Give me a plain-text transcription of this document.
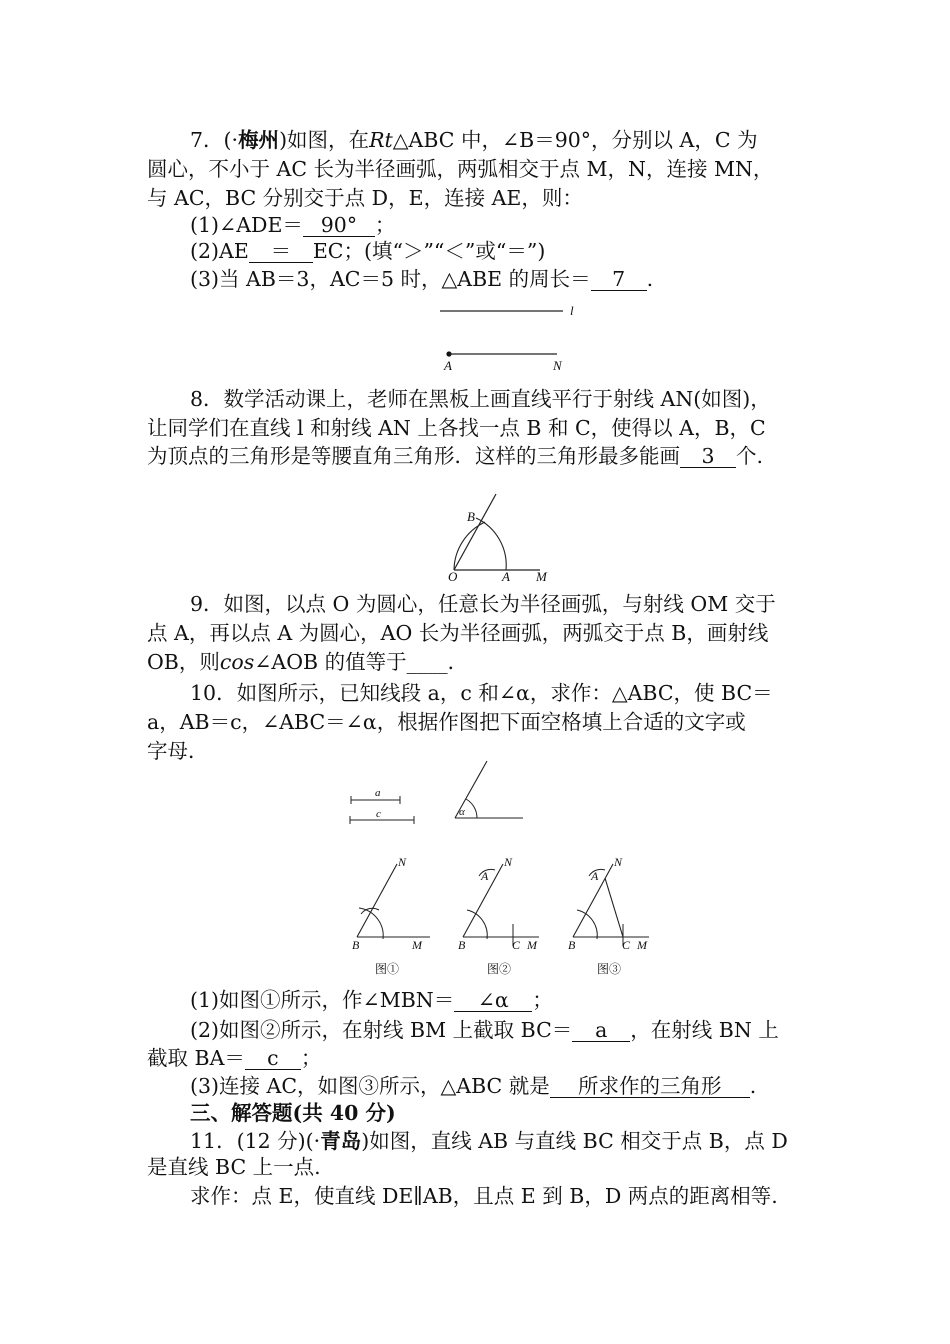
7．(·梅州)如图，在Rt△ABC 中，∠B＝90°，分别以 A，C 为
圆心，不小于 AC 长为半径画弧，两弧相交于点 M，N，连接 MN，
与 AC，BC 分别交于点 D，E，连接 AE，则：
(1)∠ADE＝ 90° ；
(2)AE ＝ EC；(填“＞”“＜”或“＝”)
(3)当 AB＝3，AC＝5 时，△ABE 的周长＝ 7 .
l
A	N
8．数学活动课上，老师在黑板上画直线平行于射线 AN(如图)，
让同学们在直线 l 和射线 AN 上各找一点 B 和 C，使得以 A，B，C
为顶点的三角形是等腰直角三角形．这样的三角形最多能画 3 个.
B
O	A M
9．如图，以点 O 为圆心，任意长为半径画弧，与射线 OM 交于
点 A，再以点 A 为圆心，AO 长为半径画弧，两弧交于点 B，画射线
OB，则cos∠AOB 的值等于____．
10．如图所示，已知线段 a，c 和∠α，求作：△ABC，使 BC＝
a，AB＝c，∠ABC＝∠α，根据作图把下面空格填上合适的文字或
字母．
a
c	α
N
B	M
图①
N
A
B	C M
图②
N
A
B	C M
图③
(1)如图①所示，作∠MBN＝ ∠α ；
(2)如图②所示，在射线 BM 上截取 BC＝ a ，在射线 BN 上
截取 BA＝ c ；
(3)连接 AC，如图③所示，△ABC 就是 所求作的三角形 .
三、解答题(共 40 分)
11．(12 分)(·青岛)如图，直线 AB 与直线 BC 相交于点 B，点 D
是直线 BC 上一点.
求作：点 E，使直线 DE∥AB，且点 E 到 B，D 两点的距离相等.
